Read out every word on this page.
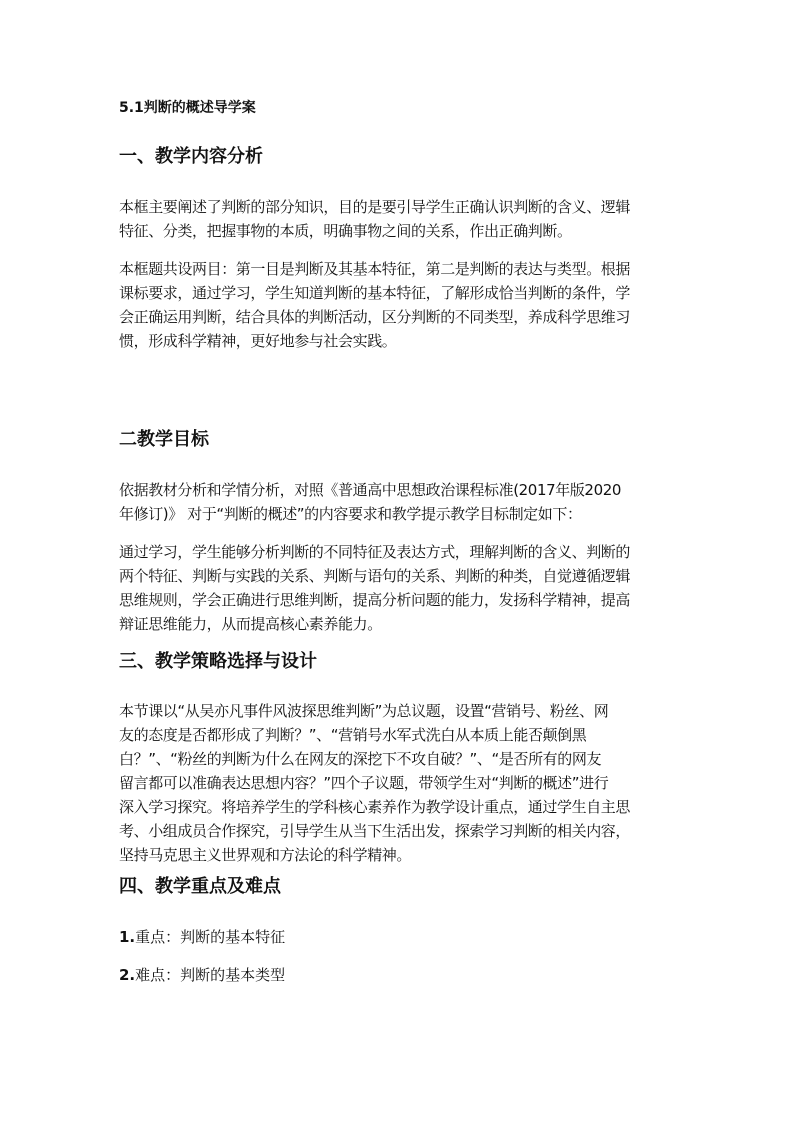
5.1判断的概述导学案
一、教学内容分析
本框主要阐述了判断的部分知识，目的是要引导学生正确认识判断的含义、逻辑
特征、分类，把握事物的本质，明确事物之间的关系，作出正确判断。
本框题共设两目：第一目是判断及其基本特征，第二是判断的表达与类型。根据
课标要求，通过学习，学生知道判断的基本特征，了解形成恰当判断的条件，学
会正确运用判断，结合具体的判断活动，区分判断的不同类型，养成科学思维习
惯，形成科学精神，更好地参与社会实践。
二教学目标
依据教材分析和学情分析，对照《普通高中思想政治课程标准(2017年版2020
年修订)》 对于“判断的概述”的内容要求和教学提示教学目标制定如下：
通过学习，学生能够分析判断的不同特征及表达方式，理解判断的含义、判断的
两个特征、判断与实践的关系、判断与语句的关系、判断的种类，自觉遵循逻辑
思维规则，学会正确进行思维判断，提高分析问题的能力，发扬科学精神，提高
辩证思维能力，从而提高核心素养能力。
三、教学策略选择与设计
本节课以“从吴亦凡事件风波探思维判断”为总议题，设置“营销号、粉丝、网
友的态度是否都形成了判断？”、“营销号水军式洗白从本质上能否颠倒黑
白？”、“粉丝的判断为什么在网友的深挖下不攻自破？”、“是否所有的网友
留言都可以准确表达思想内容？”四个子议题，带领学生对“判断的概述”进行
深入学习探究。将培养学生的学科核心素养作为教学设计重点，通过学生自主思
考、小组成员合作探究，引导学生从当下生活出发，探索学习判断的相关内容，
坚持马克思主义世界观和方法论的科学精神。
四、教学重点及难点
1.重点：判断的基本特征
2.难点：判断的基本类型
